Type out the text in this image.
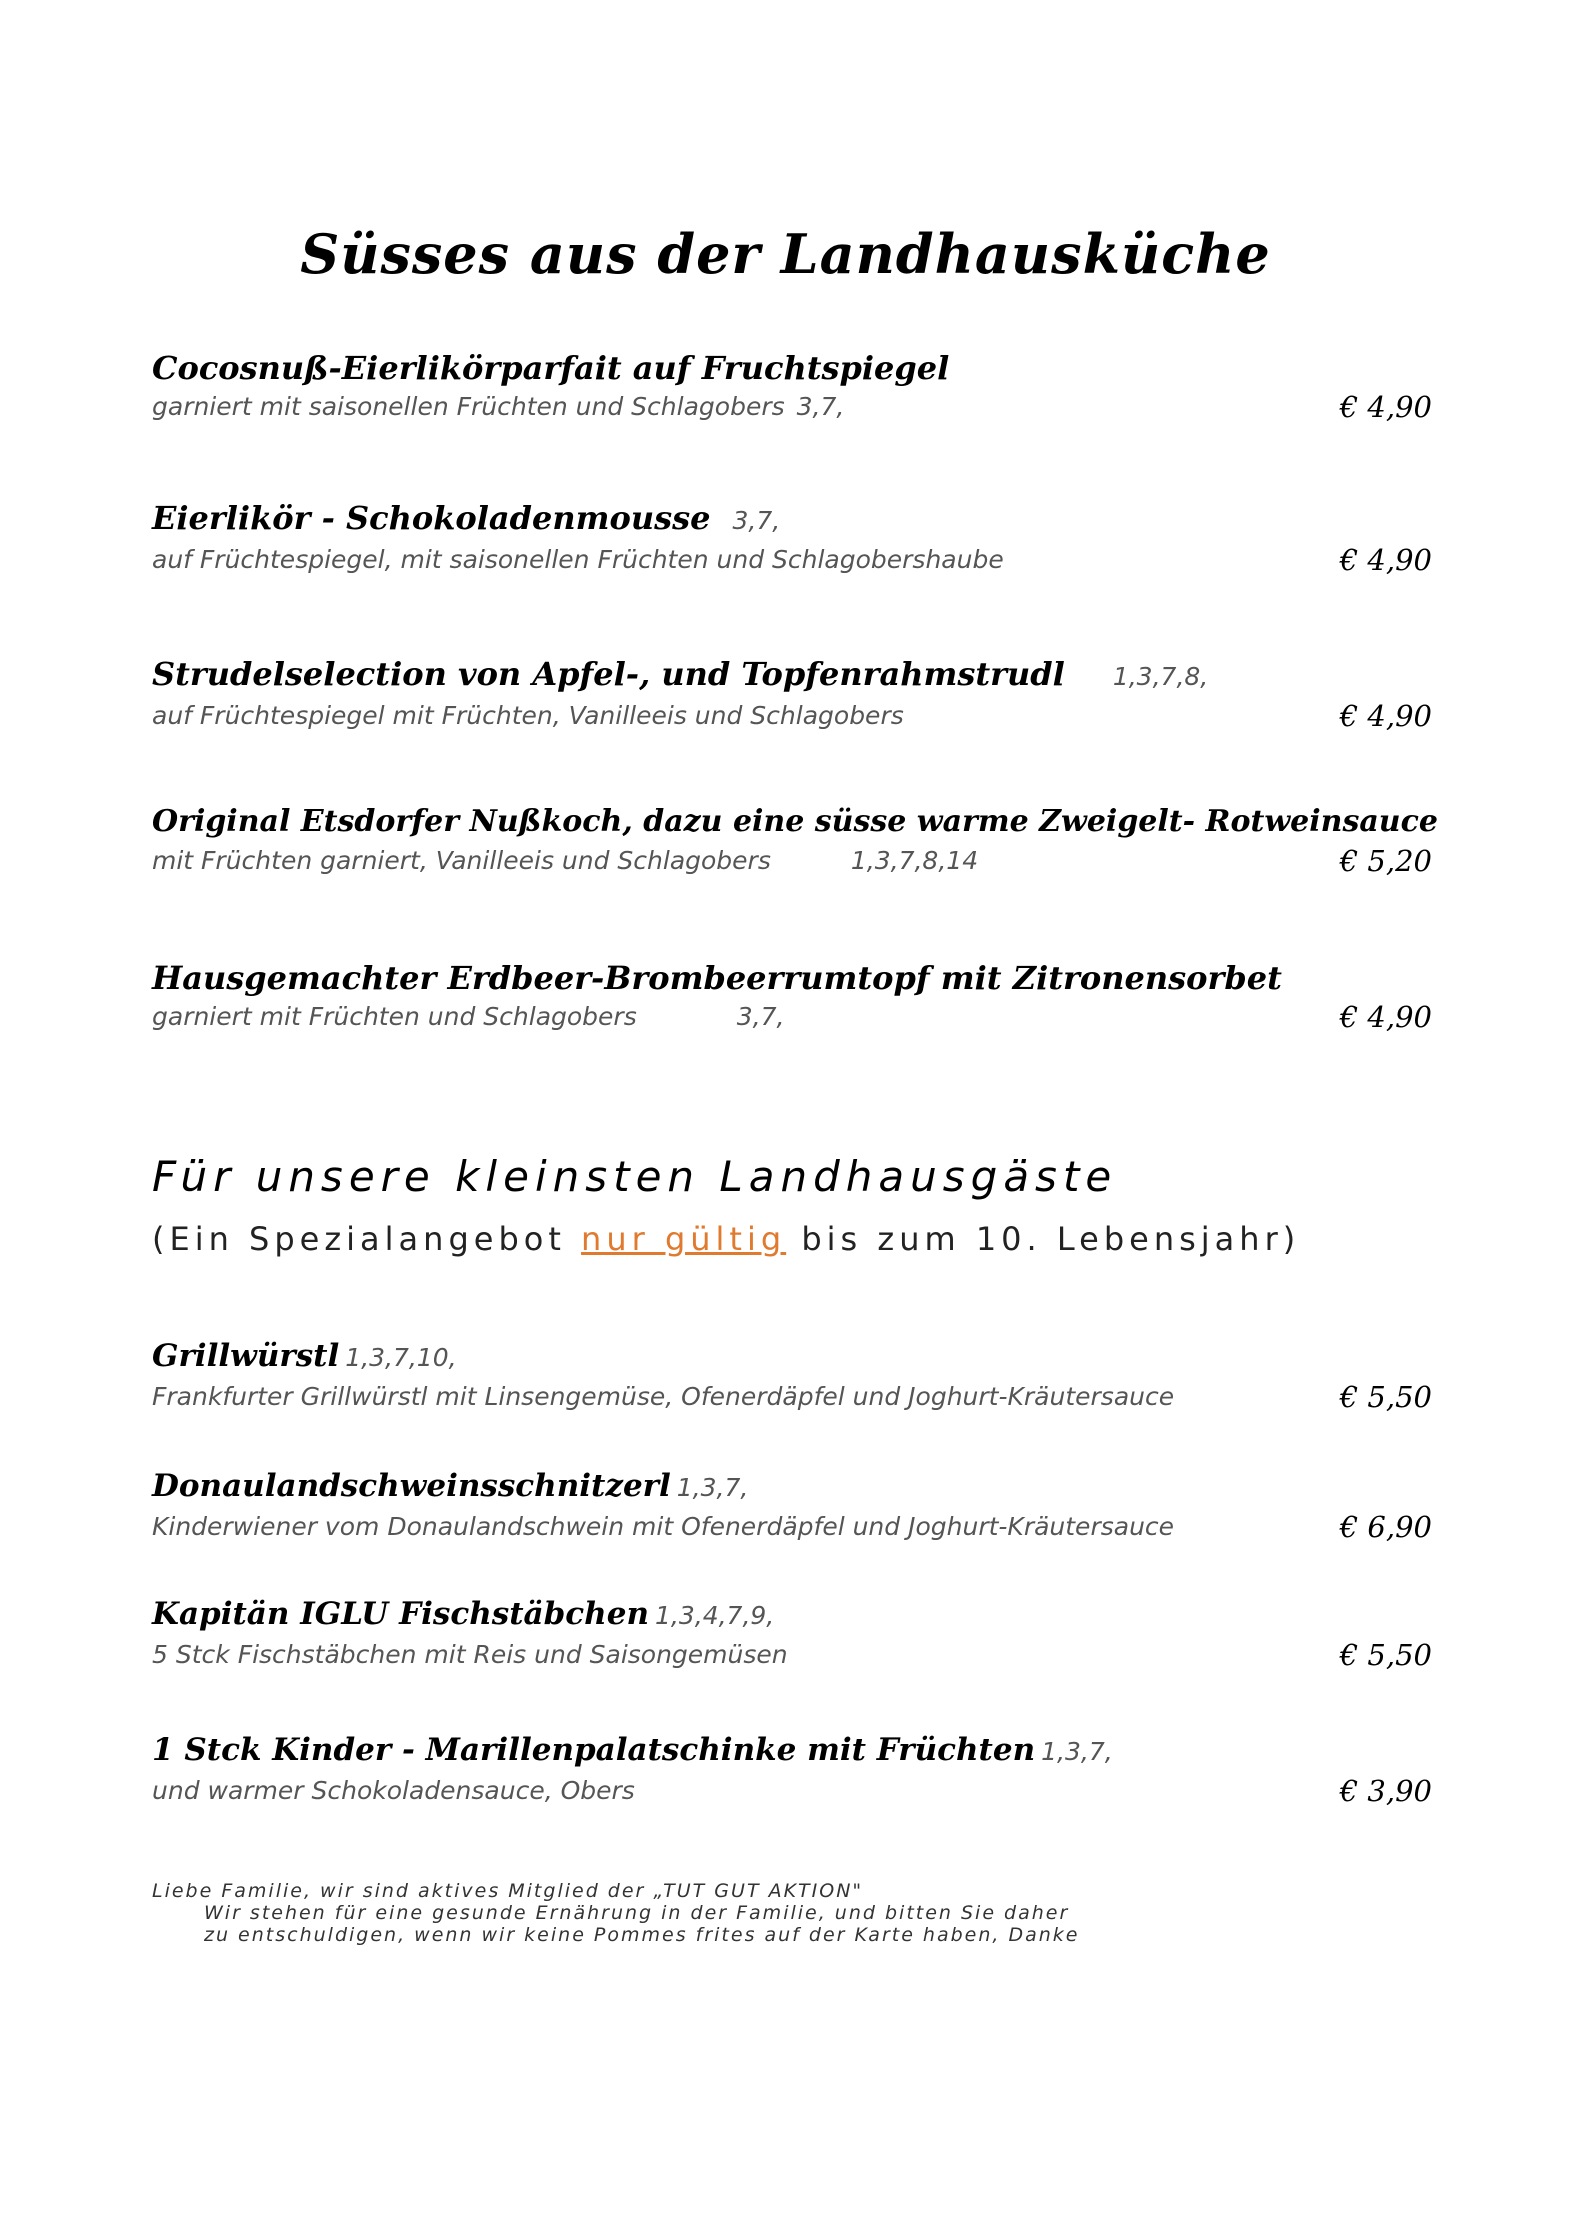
Süsses aus der Landhausküche
Cocosnuß-Eierlikörparfait auf Fruchtspiegel
garniert mit saisonellen Früchten und Schlagobers 3,7,	€ 4,90
Eierlikör - Schokoladenmousse 3,7,
auf Früchtespiegel, mit saisonellen Früchten und Schlagobershaube	€ 4,90
Strudelselection von Apfel-, und Topfenrahmstrudl 1,3,7,8,
auf Früchtespiegel mit Früchten, Vanilleeis und Schlagobers	€ 4,90
Original Etsdorfer Nußkoch, dazu eine süsse warme Zweigelt- Rotweinsauce
mit Früchten garniert, Vanilleeis und Schlagobers	1,3,7,8,14	€ 5,20
Hausgemachter Erdbeer-Brombeerrumtopf mit Zitronensorbet
garniert mit Früchten und Schlagobers	3,7,	€ 4,90
Für unsere kleinsten Landhausgäste
(Ein Spezialangebot nur gültig bis zum 10. Lebensjahr)
Grillwürstl 1,3,7,10,
Frankfurter Grillwürstl mit Linsengemüse, Ofenerdäpfel und Joghurt-Kräutersauce	€ 5,50
Donaulandschweinsschnitzerl 1,3,7,
Kinderwiener vom Donaulandschwein mit Ofenerdäpfel und Joghurt-Kräutersauce	€ 6,90
Kapitän IGLU Fischstäbchen 1,3,4,7,9,
5 Stck Fischstäbchen mit Reis und Saisongemüsen	€ 5,50
1 Stck Kinder - Marillenpalatschinke mit Früchten 1,3,7,
und warmer Schokoladensauce, Obers	€ 3,90
Liebe Familie, wir sind aktives Mitglied der „TUT GUT AKTION"
Wir stehen für eine gesunde Ernährung in der Familie, und bitten Sie daher
zu entschuldigen, wenn wir keine Pommes frites auf der Karte haben, Danke
